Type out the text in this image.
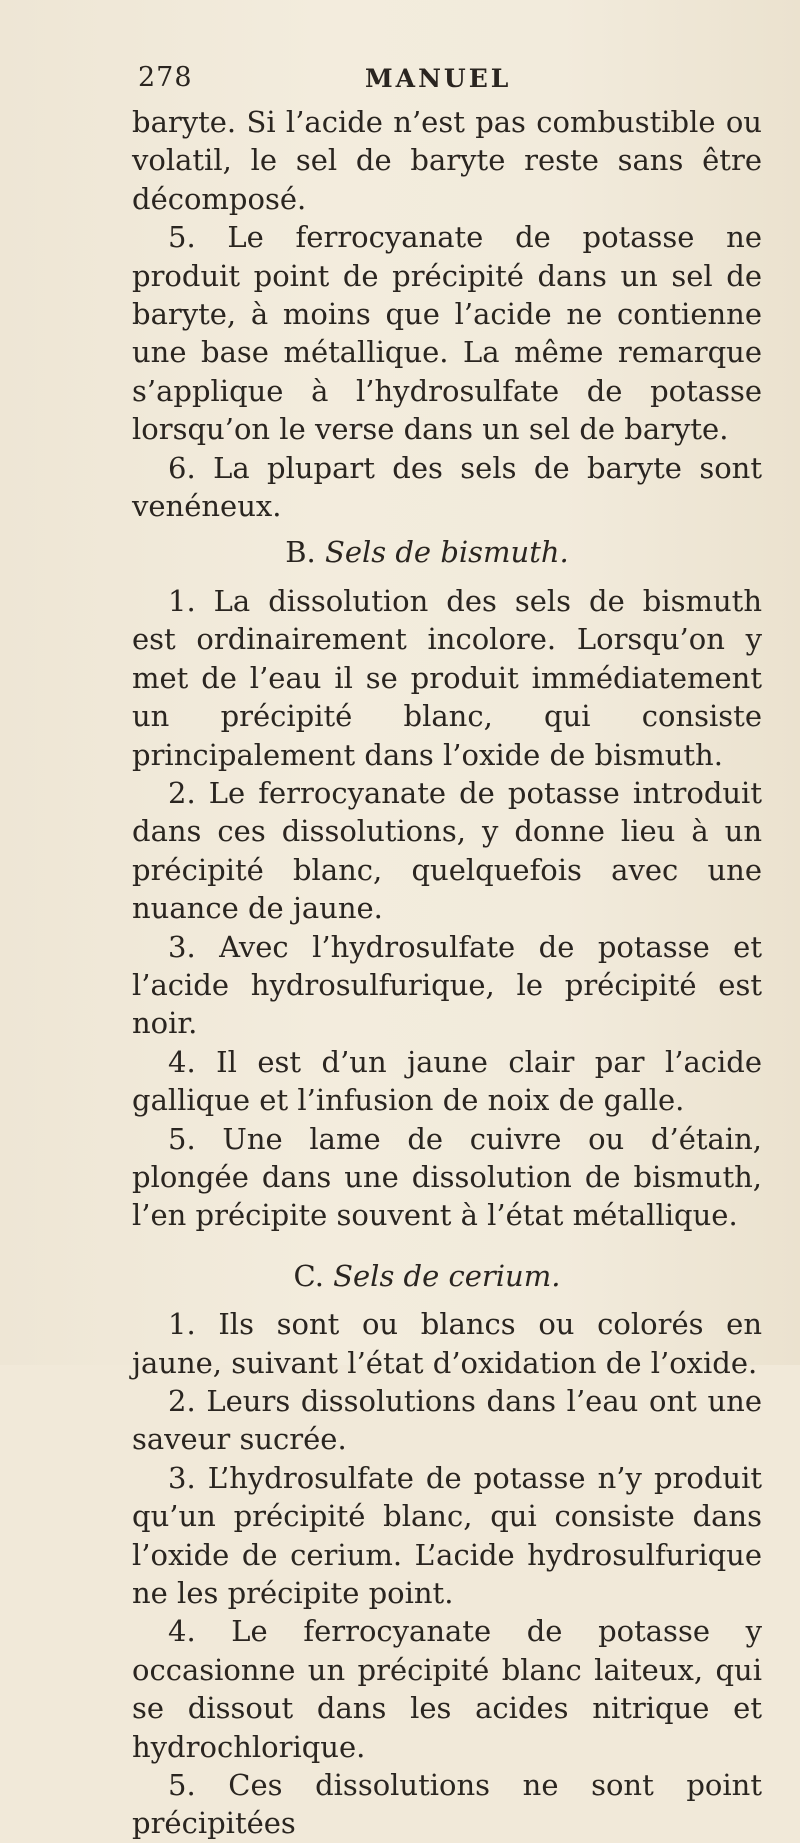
278	MANUEL

baryte. Si l’acide n’est pas combustible ou volatil, le sel de baryte reste sans être décomposé.

5. Le ferrocyanate de potasse ne produit point de précipité dans un sel de baryte, à moins que l’acide ne contienne une base métallique. La même remarque s’applique à l’hydrosulfate de potasse lorsqu’on le verse dans un sel de baryte.

6. La plupart des sels de baryte sont venéneux.

B. Sels de bismuth.

1. La dissolution des sels de bismuth est ordinairement incolore. Lorsqu’on y met de l’eau il se produit immédiatement un précipité blanc, qui consiste principalement dans l’oxide de bismuth.

2. Le ferrocyanate de potasse introduit dans ces dissolutions, y donne lieu à un précipité blanc, quelquefois avec une nuance de jaune.

3. Avec l’hydrosulfate de potasse et l’acide hydrosulfurique, le précipité est noir.

4. Il est d’un jaune clair par l’acide gallique et l’infusion de noix de galle.

5. Une lame de cuivre ou d’étain, plongée dans une dissolution de bismuth, l’en précipite souvent à l’état métallique.

C. Sels de cerium.

1. Ils sont ou blancs ou colorés en jaune, suivant l’état d’oxidation de l’oxide.

2. Leurs dissolutions dans l’eau ont une saveur sucrée.

3. L’hydrosulfate de potasse n’y produit qu’un précipité blanc, qui consiste dans l’oxide de cerium. L’acide hydrosulfurique ne les précipite point.

4. Le ferrocyanate de potasse y occasionne un précipité blanc laiteux, qui se dissout dans les acides nitrique et hydrochlorique.

5. Ces dissolutions ne sont point précipitées
